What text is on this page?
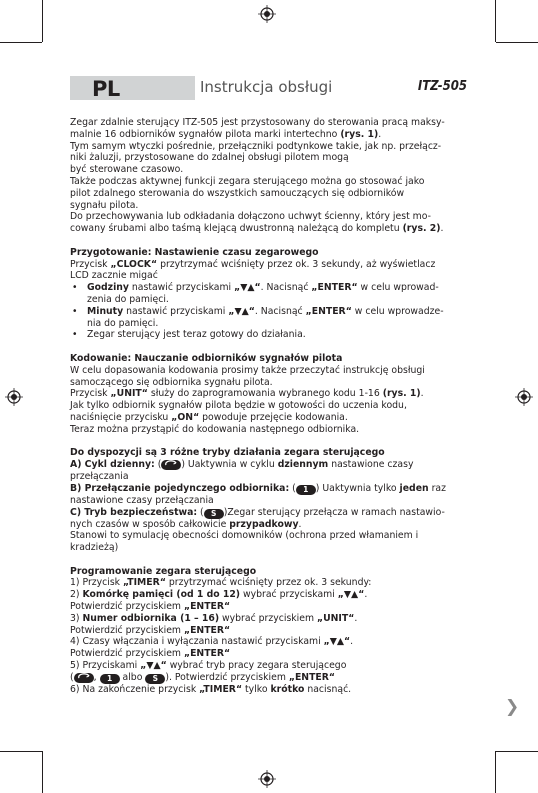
PL	Instrukcja obsługi	ITZ-505

Zegar zdalnie sterujący ITZ-505 jest przystosowany do sterowania pracą maksy-

malnie 16 odbiorników sygnałów pilota marki intertechno (rys. 1).

Tym samym wtyczki pośrednie, przełączniki podtynkowe takie, jak np. przełącz-

niki żaluzji, przystosowane do zdalnej obsługi pilotem mogą

być sterowane czasowo.

Także podczas aktywnej funkcji zegara sterującego można go stosować jako

pilot zdalnego sterowania do wszystkich samouczących się odbiorników

sygnału pilota.

Do przechowywania lub odkładania dołączono uchwyt ścienny, który jest mo-

cowany śrubami albo taśmą klejącą dwustronną należącą do kompletu (rys. 2).

Przygotowanie: Nastawienie czasu zegarowego

Przycisk „CLOCK“ przytrzymać wciśnięty przez ok. 3 sekundy, aż wyświetlacz

LCD zacznie migać

• Godziny nastawić przyciskami „▼▲“. Nacisnąć „ENTER“ w celu wprowad-
zenia do pamięci.
• Minuty nastawić przyciskami „▼▲“. Nacisnąć „ENTER“ w celu wprowadze-
nia do pamięci.
• Zegar sterujący jest teraz gotowy do działania.

Kodowanie: Nauczanie odbiorników sygnałów pilota

W celu dopasowania kodowania prosimy także przeczytać instrukcję obsługi

samoczącego się odbiornika sygnału pilota.

Przycisk „UNIT“ służy do zaprogramowania wybranego kodu 1-16 (rys. 1).

Jak tylko odbiornik sygnałów pilota będzie w gotowości do uczenia kodu,

naciśnięcie przycisku „ON“ powoduje przejęcie kodowania.

Teraz można przystąpić do kodowania następnego odbiornika.

Do dyspozycji są 3 różne tryby działania zegara sterującego

A) Cykl dzienny: ( ) Uaktywnia w cyklu dziennym nastawione czasy

przełączania

B) Przełączanie pojedynczego odbiornika: ( 1 ) Uaktywnia tylko jeden raz

nastawione czasy przełączania

C) Tryb bezpieczeństwa: ( S )Zegar sterujący przełącza w ramach nastawio-

nych czasów w sposób całkowicie przypadkowy.

Stanowi to symulację obecności domowników (ochrona przed włamaniem i

kradzieżą)

Programowanie zegara sterującego

1) Przycisk „TIMER“ przytrzymać wciśnięty przez ok. 3 sekundy:

2) Komórkę pamięci (od 1 do 12) wybrać przyciskami „▼▲“.

Potwierdzić przyciskiem „ENTER“

3) Numer odbiornika (1 – 16) wybrać przyciskiem „UNIT“.

Potwierdzić przyciskiem „ENTER“

4) Czasy włączania i wyłączania nastawić przyciskami „▼▲“.

Potwierdzić przyciskiem „ENTER“

5) Przyciskami „▼▲“ wybrać tryb pracy zegara sterującego

( , 1 albo S ). Potwierdzić przyciskiem „ENTER“

6) Na zakończenie przycisk „TIMER“ tylko krótko nacisnąć.

❯
